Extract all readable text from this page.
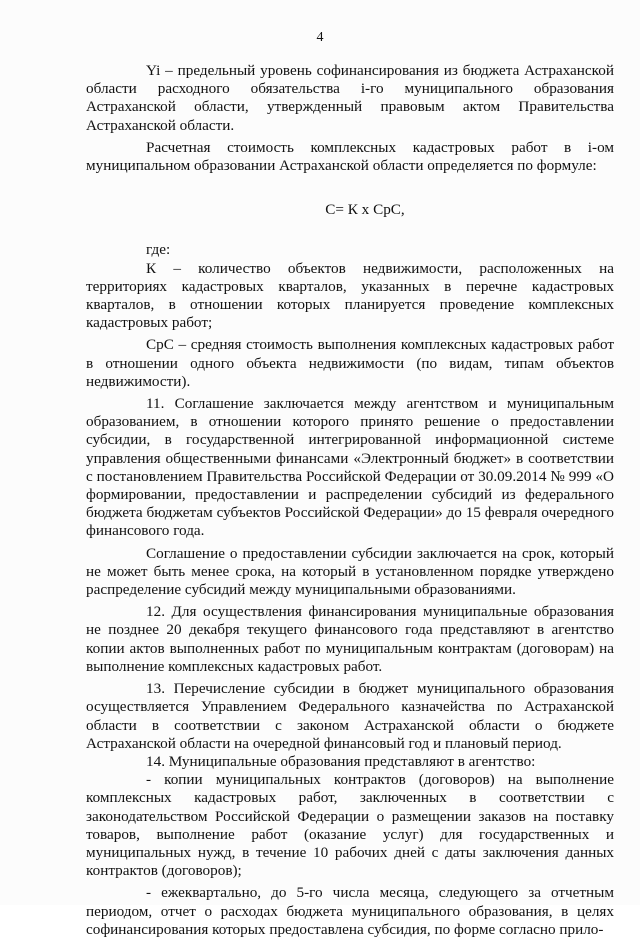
4

Yi – предельный уровень софинансирования из бюджета Астраханской области расходного обязательства i-го муниципального образования Астраханской области, утвержденный правовым актом Правительства Астраханской области.

Расчетная стоимость комплексных кадастровых работ в i-ом муниципальном образовании Астраханской области определяется по формуле:

С= К х СрС,

где:

К – количество объектов недвижимости, расположенных на территориях кадастровых кварталов, указанных в перечне кадастровых кварталов, в отношении которых планируется проведение комплексных кадастровых работ;

СрС – средняя стоимость выполнения комплексных кадастровых работ в отношении одного объекта недвижимости (по видам, типам объектов недвижимости).

11. Соглашение заключается между агентством и муниципальным образованием, в отношении которого принято решение о предоставлении субсидии, в государственной интегрированной информационной системе управления общественными финансами «Электронный бюджет» в соответствии с постановлением Правительства Российской Федерации от 30.09.2014 № 999 «О формировании, предоставлении и распределении субсидий из федерального бюджета бюджетам субъектов Российской Федерации» до 15 февраля очередного финансового года.

Соглашение о предоставлении субсидии заключается на срок, который не может быть менее срока, на который в установленном порядке утверждено распределение субсидий между муниципальными образованиями.

12. Для осуществления финансирования муниципальные образования не позднее 20 декабря текущего финансового года представляют в агентство копии актов выполненных работ по муниципальным контрактам (договорам) на выполнение комплексных кадастровых работ.

13. Перечисление субсидии в бюджет муниципального образования осуществляется Управлением Федерального казначейства по Астраханской области в соответствии с законом Астраханской области о бюджете Астраханской области на очередной финансовый год и плановый период.

14. Муниципальные образования представляют в агентство:

- копии муниципальных контрактов (договоров) на выполнение комплексных кадастровых работ, заключенных в соответствии с законодательством Российской Федерации о размещении заказов на поставку товаров, выполнение работ (оказание услуг) для государственных и муниципальных нужд, в течение 10 рабочих дней с даты заключения данных контрактов (договоров);

- ежеквартально, до 5-го числа месяца, следующего за отчетным периодом, отчет о расходах бюджета муниципального образования, в целях софинансирования которых предоставлена субсидия, по форме согласно прило-
